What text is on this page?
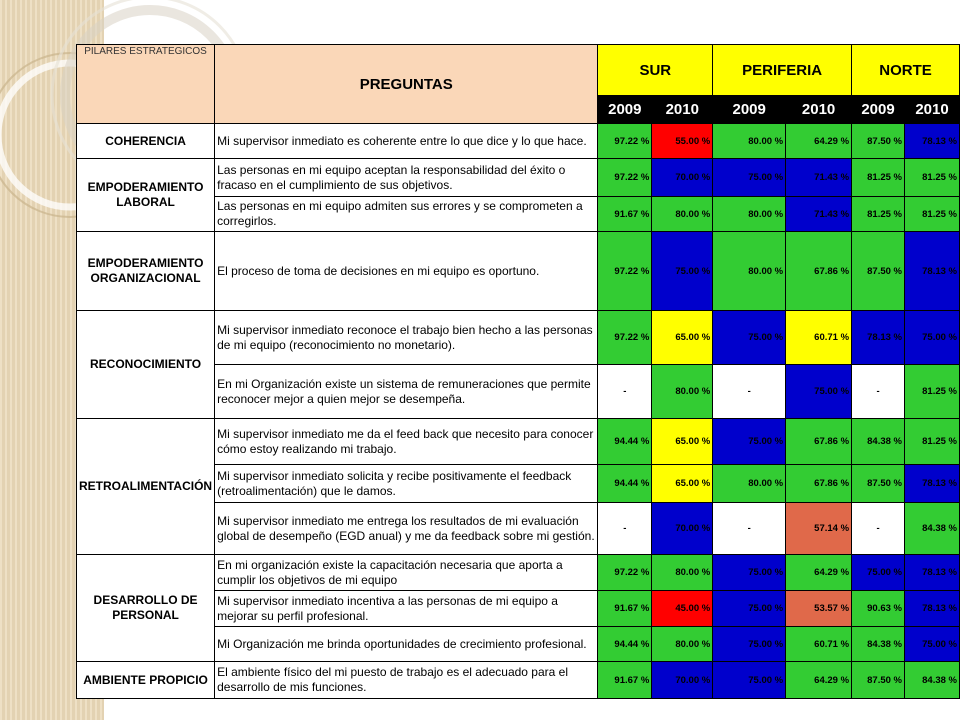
PILARES ESTRATEGICOS	PREGUNTAS	SUR		PERIFERIA		NORTE	
		2009	2010	2009	2010	2009	2010
COHERENCIA	Mi supervisor inmediato es coherente entre lo que dice y lo que hace.	97.22 %	55.00 %	80.00 %	64.29 %	87.50 %	78.13 %
EMPODERAMIENTO LABORAL	Las personas en mi equipo aceptan la responsabilidad del éxito o fracaso en el cumplimiento de sus objetivos.	97.22 %	70.00 %	75.00 %	71.43 %	81.25 %	81.25 %
	Las personas en mi equipo admiten sus errores y se comprometen a corregirlos.	91.67 %	80.00 %	80.00 %	71.43 %	81.25 %	81.25 %
EMPODERAMIENTO ORGANIZACIONAL	El proceso de toma de decisiones en mi equipo es oportuno.	97.22 %	75.00 %	80.00 %	67.86 %	87.50 %	78.13 %
RECONOCIMIENTO	Mi supervisor inmediato reconoce el trabajo bien hecho a las personas de mi equipo (reconocimiento no monetario).	97.22 %	65.00 %	75.00 %	60.71 %	78.13 %	75.00 %
	En mi Organización existe un sistema de remuneraciones que permite reconocer mejor a quien mejor se desempeña.	-	80.00 %	-	75.00 %	-	81.25 %
RETROALIMENTACIÓN	Mi supervisor inmediato me da el feed back que necesito para conocer cómo estoy realizando mi trabajo.	94.44 %	65.00 %	75.00 %	67.86 %	84.38 %	81.25 %
	Mi supervisor inmediato solicita y recibe positivamente el feedback (retroalimentación) que le damos.	94.44 %	65.00 %	80.00 %	67.86 %	87.50 %	78.13 %
	Mi supervisor inmediato me entrega los resultados de mi evaluación global de desempeño (EGD anual) y me da feedback sobre mi gestión.	-	70.00 %	-	57.14 %	-	84.38 %
DESARROLLO DE PERSONAL	En mi organización existe la capacitación necesaria que aporta a cumplir los objetivos de mi equipo	97.22 %	80.00 %	75.00 %	64.29 %	75.00 %	78.13 %
	Mi supervisor inmediato incentiva a las personas de mi equipo a mejorar su perfil profesional.	91.67 %	45.00 %	75.00 %	53.57 %	90.63 %	78.13 %
	Mi Organización me brinda oportunidades de crecimiento profesional.	94.44 %	80.00 %	75.00 %	60.71 %	84.38 %	75.00 %
AMBIENTE PROPICIO	El ambiente físico del mi puesto de trabajo es el adecuado para el desarrollo de mis funciones.	91.67 %	70.00 %	75.00 %	64.29 %	87.50 %	84.38 %
